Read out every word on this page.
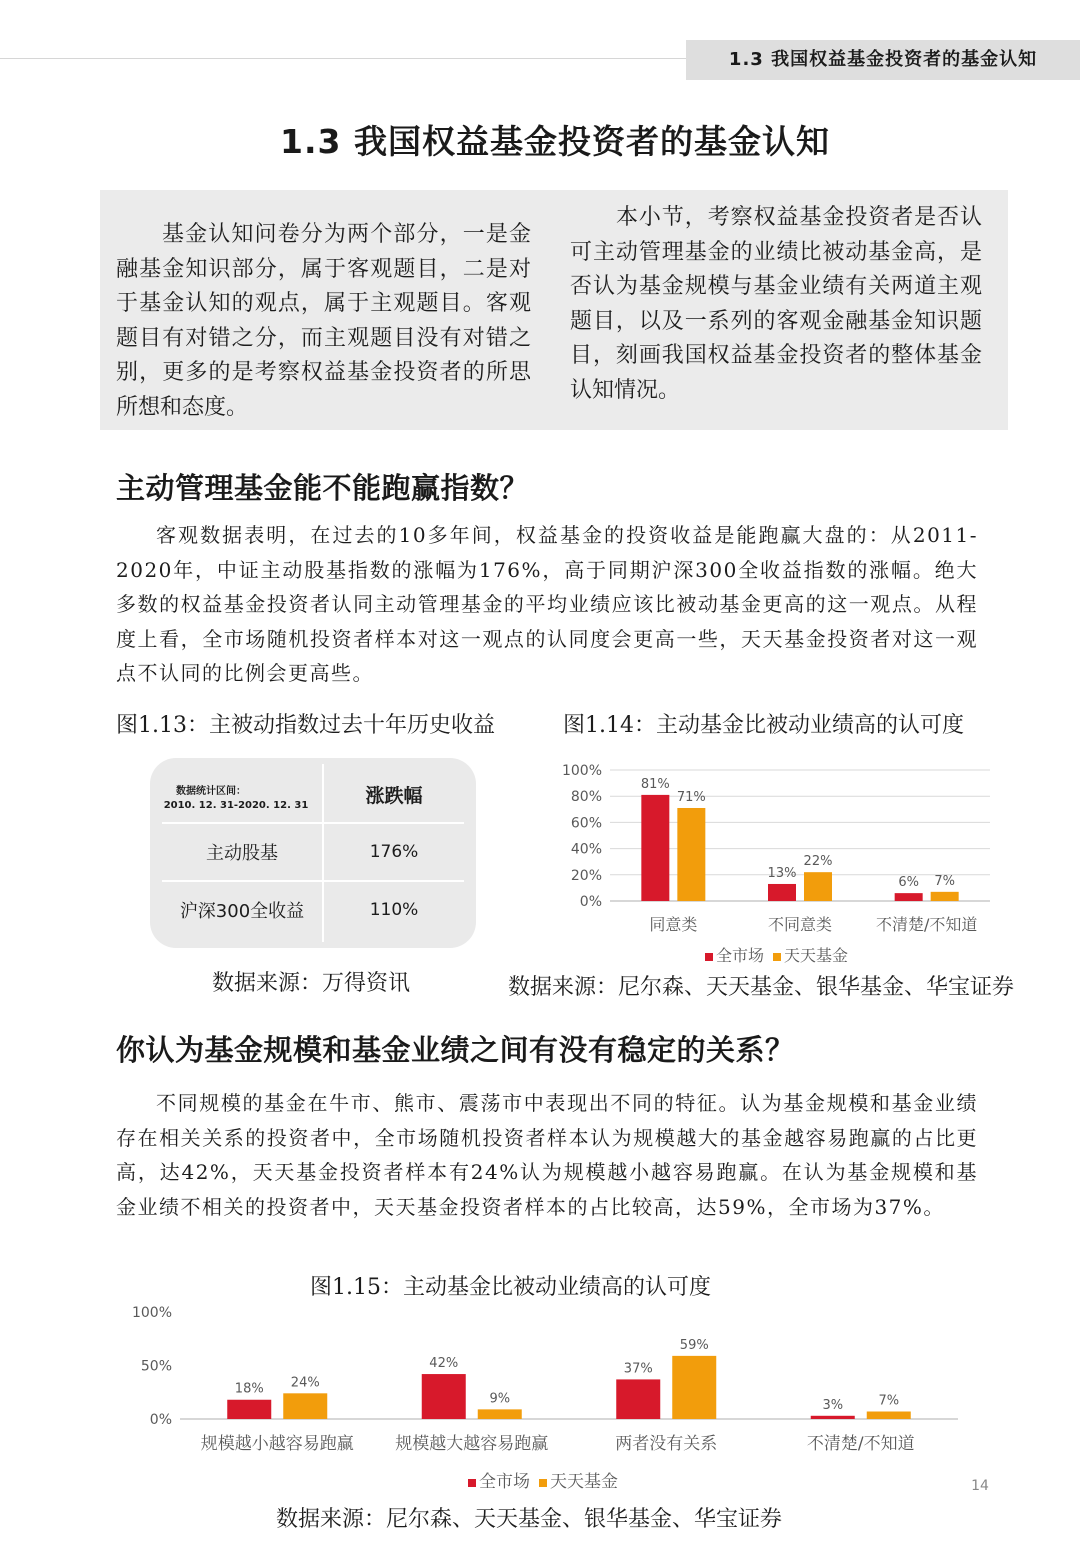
1.3 我国权益基金投资者的基金认知
1.3 我国权益基金投资者的基金认知
基金认知问卷分为两个部分，一是金融基金知识部分，属于客观题目，二是对于基金认知的观点，属于主观题目。客观题目有对错之分，而主观题目没有对错之别，更多的是考察权益基金投资者的所思所想和态度。
本小节，考察权益基金投资者是否认可主动管理基金的业绩比被动基金高，是否认为基金规模与基金业绩有关两道主观题目，以及一系列的客观金融基金知识题目，刻画我国权益基金投资者的整体基金认知情况。
主动管理基金能不能跑赢指数？
客观数据表明，在过去的10多年间，权益基金的投资收益是能跑赢大盘的：从2011-2020年，中证主动股基指数的涨幅为176%，高于同期沪深300全收益指数的涨幅。绝大多数的权益基金投资者认同主动管理基金的平均业绩应该比被动基金更高的这一观点。从程度上看，全市场随机投资者样本对这一观点的认同度会更高一些，天天基金投资者对这一观点不认同的比例会更高些。
图1.13：主被动指数过去十年历史收益
数据统计区间：
2010. 12. 31-2020. 12. 31	涨跌幅
主动股基	176%
沪深300全收益	110%
数据来源：万得资讯
图1.14：主动基金比被动业绩高的认可度
0%
20%
40%
60%
80%
100%
81%
71%
同意类
13%
22%
不同意类
6% 7%
不清楚/不知道
全市场 天天基金
数据来源：尼尔森、天天基金、银华基金、华宝证券
你认为基金规模和基金业绩之间有没有稳定的关系？
不同规模的基金在牛市、熊市、震荡市中表现出不同的特征。认为基金规模和基金业绩存在相关关系的投资者中，全市场随机投资者样本认为规模越大的基金越容易跑赢的占比更高，达42%，天天基金投资者样本有24%认为规模越小越容易跑赢。在认为基金规模和基金业绩不相关的投资者中，天天基金投资者样本的占比较高，达59%，全市场为37%。
图1.15：主动基金比被动业绩高的认可度
0%
50%
100%
18% 24%
规模越小越容易跑赢
42%
9%
规模越大越容易跑赢
37%
59%
两者没有关系
3%	7%
不清楚/不知道
全市场 天天基金
数据来源：尼尔森、天天基金、银华基金、华宝证券
14
